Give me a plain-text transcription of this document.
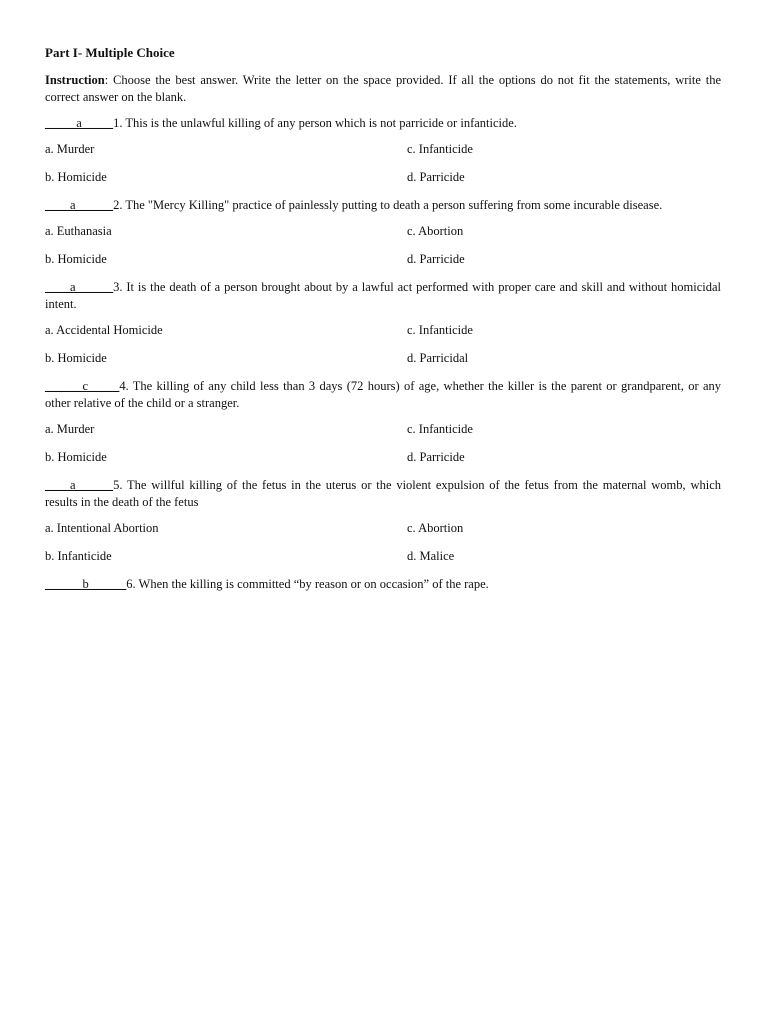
Part I- Multiple Choice
Instruction: Choose the best answer. Write the letter on the space provided. If all the options do not fit the statements, write the correct answer on the blank.
_____a_____1. This is the unlawful killing of any person which is not parricide or infanticide.
a. Murder	c. Infanticide
b. Homicide	d. Parricide
____a______2. The "Mercy Killing" practice of painlessly putting to death a person suffering from some incurable disease.
a. Euthanasia	c. Abortion
b. Homicide	d. Parricide
____a______3. It is the death of a person brought about by a lawful act performed with proper care and skill and without homicidal intent.
a. Accidental Homicide	c. Infanticide
b. Homicide	d. Parricidal
______c_____4. The killing of any child less than 3 days (72 hours) of age, whether the killer is the parent or grandparent, or any other relative of the child or a stranger.
a. Murder	c. Infanticide
b. Homicide	d. Parricide
____a______5. The willful killing of the fetus in the uterus or the violent expulsion of the fetus from the maternal womb, which results in the death of the fetus
a. Intentional Abortion	c. Abortion
b. Infanticide	d. Malice
______b______6. When the killing is committed “by reason or on occasion” of the rape.
